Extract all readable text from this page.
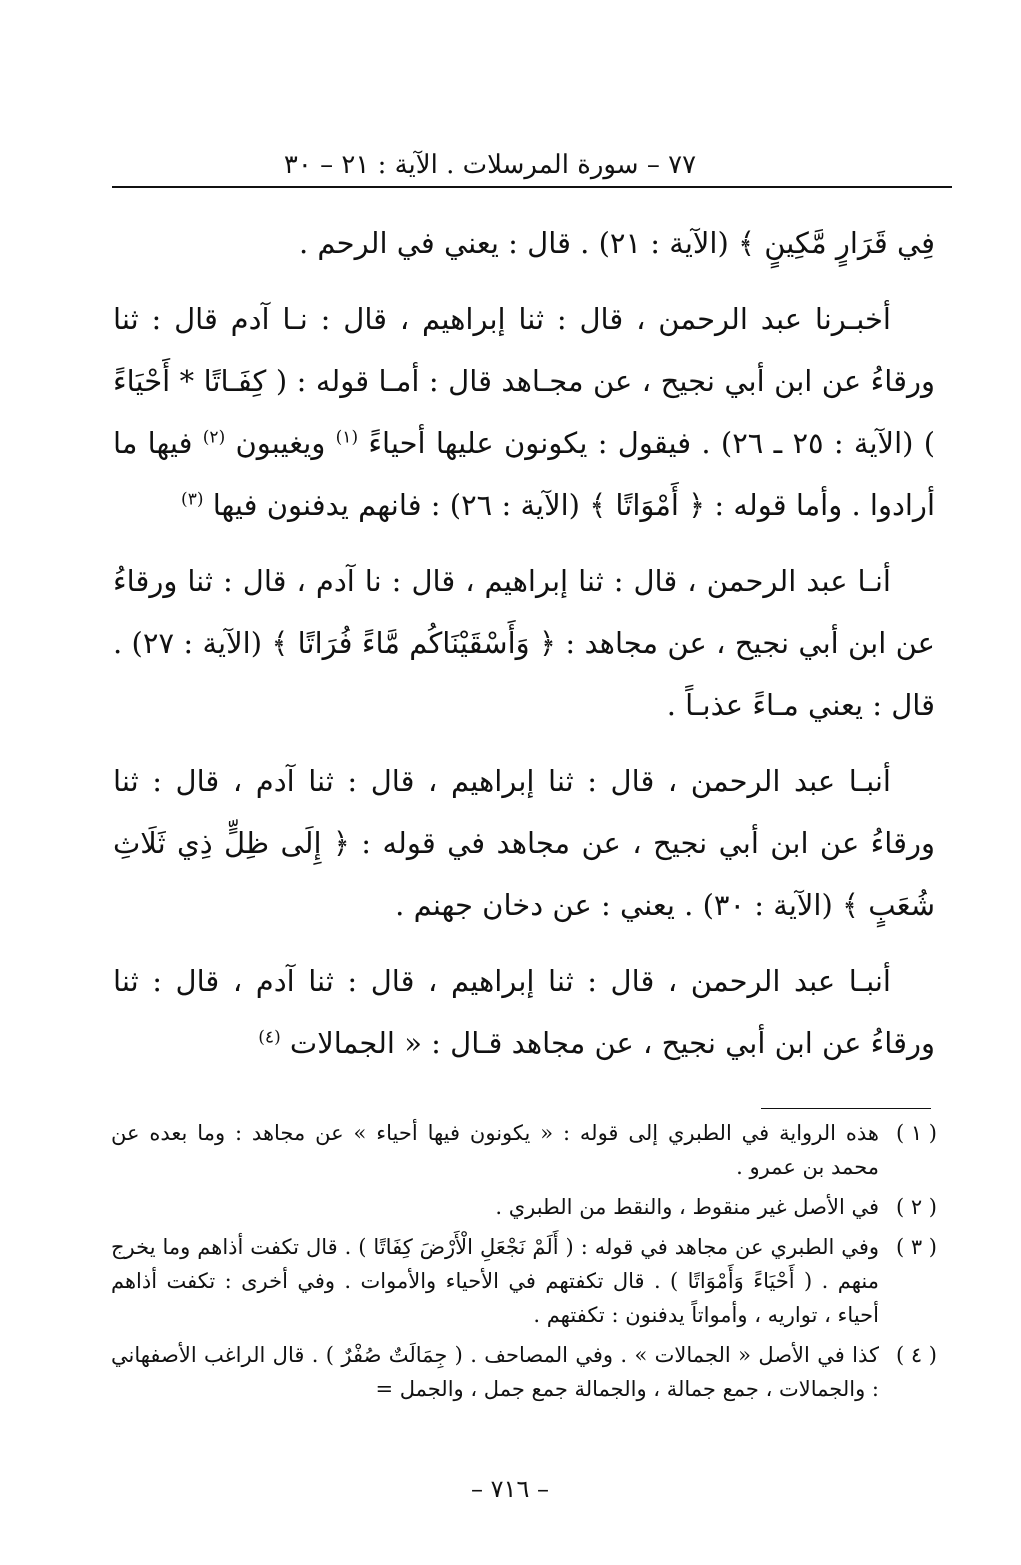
٧٧ – سورة المرسلات . الآية : ٢١ – ٣٠

فِي قَرَارٍ مَّكِينٍ ﴾ (الآية : ٢١) . قال : يعني في الرحم .

أخبـرنا عبد الرحمن ، قال : ثنا إبراهيم ، قال : نـا آدم قال : ثنا ورقاءُ عن ابن أبي نجيح ، عن مجـاهد قال : أمـا قوله : ( كِفَـاتًا * أَحْيَاءً ) (الآية : ٢٥ ـ ٢٦) . فيقول : يكونون عليها أحياءً $^{(١)}$ ويغيبون $^{(٢)}$ فيها ما أرادوا . وأما قوله : ﴿ أَمْوَاتًا ﴾ (الآية : ٢٦) : فانهم يدفنون فيها $^{(٣)}$

أنـا عبد الرحمن ، قال : ثنا إبراهيم ، قال : نا آدم ، قال : ثنا ورقاءُ عن ابن أبي نجيح ، عن مجاهد : ﴿ وَأَسْقَيْنَاكُم مَّاءً فُرَاتًا ﴾ (الآية : ٢٧) . قال : يعني مـاءً عذبـاً .

أنبـا عبد الرحمن ، قال : ثنا إبراهيم ، قال : ثنا آدم ، قال : ثنا ورقاءُ عن ابن أبي نجيح ، عن مجاهد في قوله : ﴿ إِلَى ظِلٍّ ذِي ثَلَاثِ شُعَبٍ ﴾ (الآية : ٣٠) . يعني : عن دخان جهنم .

أنبـا عبد الرحمن ، قال : ثنا إبراهيم ، قال : ثنا آدم ، قال : ثنا ورقاءُ عن ابن أبي نجيح ، عن مجاهد قـال : « الجمالات $^{(٤)}$

( ١ )
هذه الرواية في الطبري إلى قوله : « يكونون فيها أحياء » عن مجاهد : وما بعده عن محمد بن عمرو .
( ٢ )
في الأصل غير منقوط ، والنقط من الطبري .
( ٣ )
وفي الطبري عن مجاهد في قوله : ( أَلَمْ نَجْعَلِ الْأَرْضَ كِفَاتًا ) . قال تكفت أذاهم وما يخرج منهم . ( أَحْيَاءً وَأَمْوَاتًا ) . قال تكفتهم في الأحياء والأموات . وفي أخرى : تكفت أذاهم أحياء ، تواريه ، وأمواتاً يدفنون : تكفتهم .
( ٤ )
كذا في الأصل « الجمالات » . وفي المصاحف . ( جِمَالَتٌ صُفْرٌ ) . قال الراغب الأصفهاني : والجمالات ، جمع جمالة ، والجمالة جمع جمل ، والجمل =
– ٧١٦ –
